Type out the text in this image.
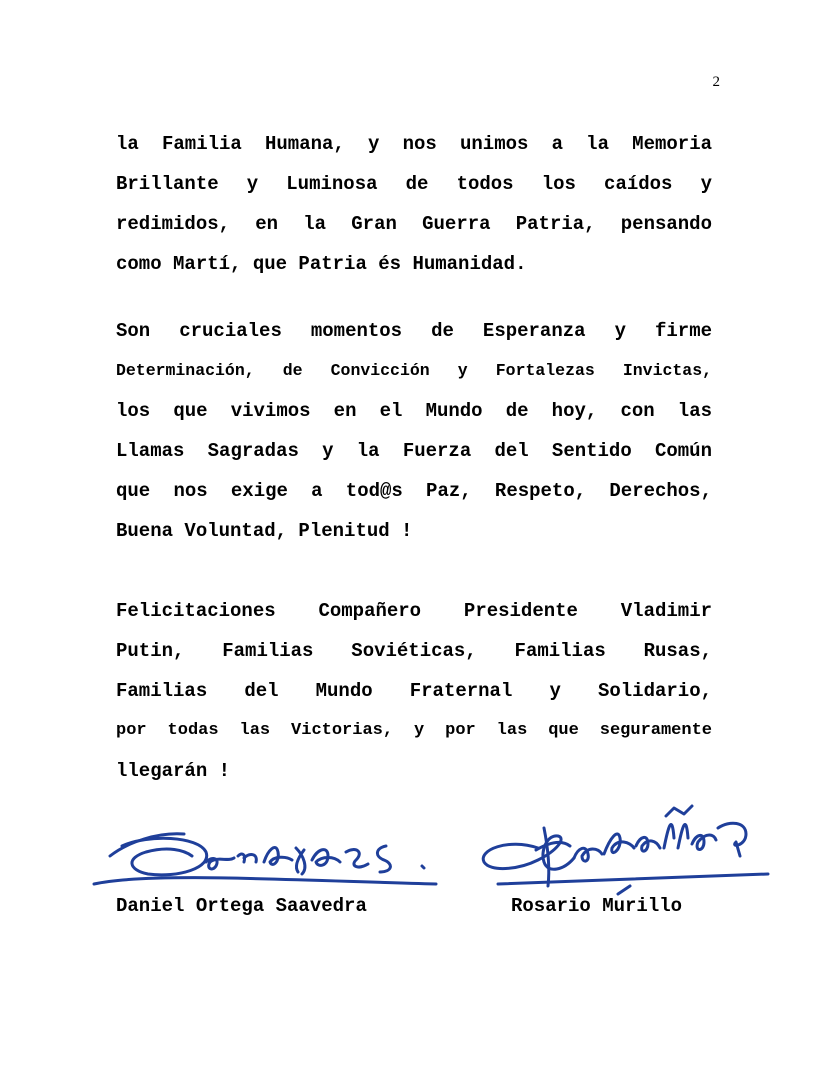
2
la Familia Humana, y nos unimos a la Memoria
Brillante y Luminosa de todos los caídos y
redimidos, en la Gran Guerra Patria, pensando
como Martí, que Patria és Humanidad.
Son cruciales momentos de Esperanza y firme
Determinación, de Convicción y Fortalezas Invictas,
los que vivimos en el Mundo de hoy, con las
Llamas Sagradas y la Fuerza del Sentido Común
que nos exige a tod@s Paz, Respeto, Derechos,
Buena Voluntad, Plenitud !
Felicitaciones Compañero Presidente Vladimir
Putin, Familias Soviéticas, Familias Rusas,
Familias del Mundo Fraternal y Solidario,
por todas las Victorias, y por las que seguramente
llegarán !
Daniel Ortega Saavedra	Rosario Murillo
